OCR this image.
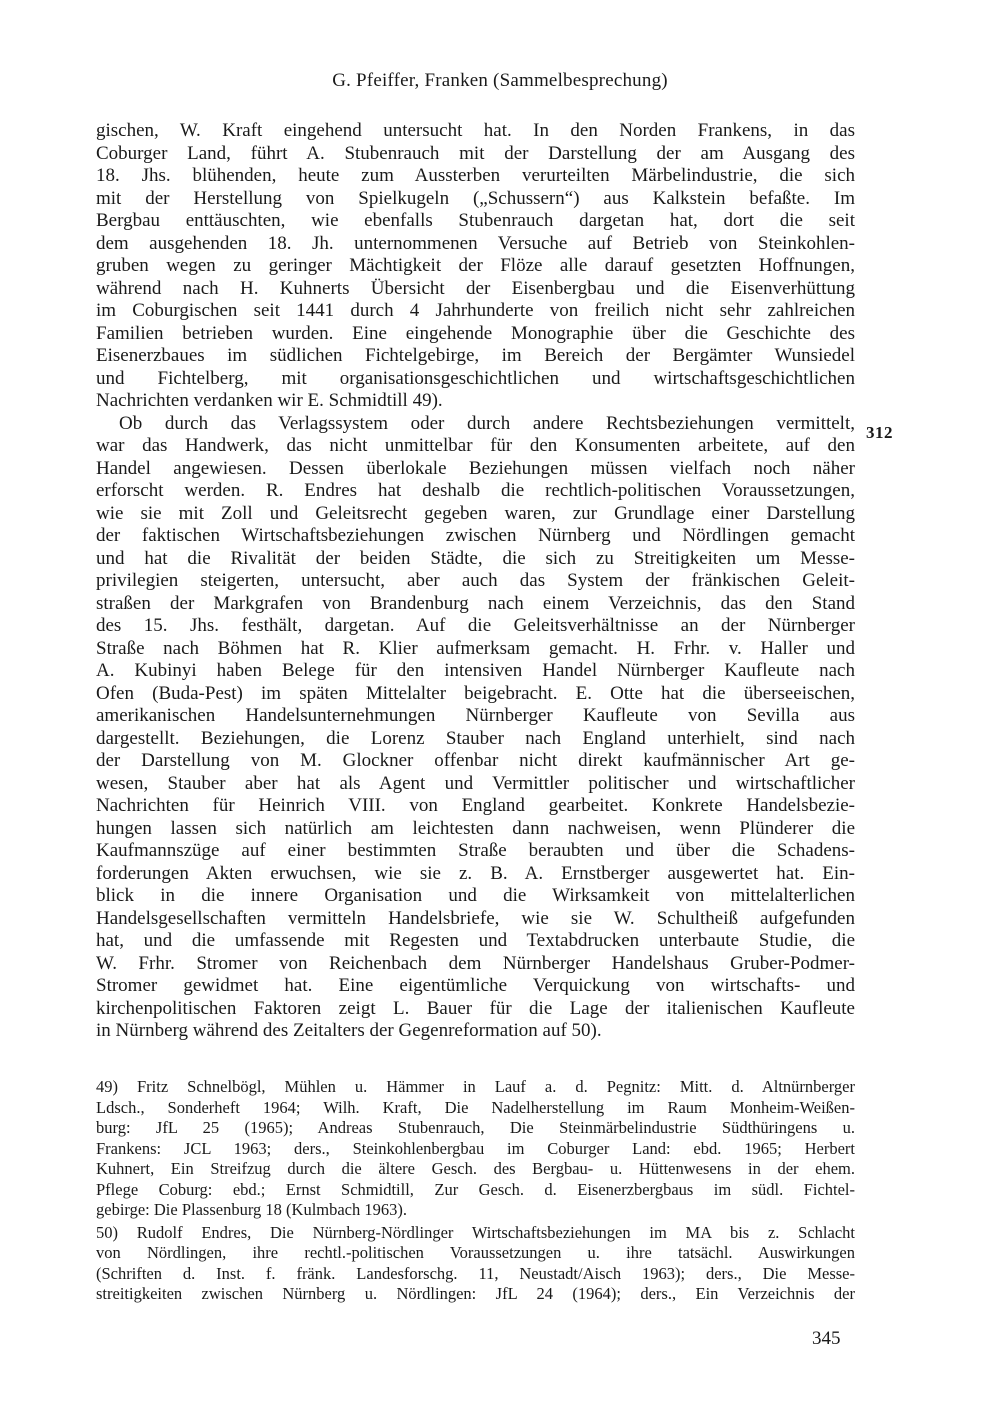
G. Pfeiffer, Franken (Sammelbesprechung)
312
gischen, W. Kraft eingehend untersucht hat. In den Norden Frankens, in das
Coburger Land, führt A. Stubenrauch mit der Darstellung der am Ausgang des
18. Jhs. blühenden, heute zum Aussterben verurteilten Märbelindustrie, die sich
mit der Herstellung von Spielkugeln („Schussern“) aus Kalkstein befaßte. Im
Bergbau enttäuschten, wie ebenfalls Stubenrauch dargetan hat, dort die seit
dem ausgehenden 18. Jh. unternommenen Versuche auf Betrieb von Steinkohlen-
gruben wegen zu geringer Mächtigkeit der Flöze alle darauf gesetzten Hoffnungen,
während nach H. Kuhnerts Übersicht der Eisenbergbau und die Eisenverhüttung
im Coburgischen seit 1441 durch 4 Jahrhunderte von freilich nicht sehr zahlreichen
Familien betrieben wurden. Eine eingehende Monographie über die Geschichte des
Eisenerzbaues im südlichen Fichtelgebirge, im Bereich der Bergämter Wunsiedel
und Fichtelberg, mit organisationsgeschichtlichen und wirtschaftsgeschichtlichen
Nachrichten verdanken wir E. Schmidtill 49).
Ob durch das Verlagssystem oder durch andere Rechtsbeziehungen vermittelt,
war das Handwerk, das nicht unmittelbar für den Konsumenten arbeitete, auf den
Handel angewiesen. Dessen überlokale Beziehungen müssen vielfach noch näher
erforscht werden. R. Endres hat deshalb die rechtlich-politischen Voraussetzungen,
wie sie mit Zoll und Geleitsrecht gegeben waren, zur Grundlage einer Darstellung
der faktischen Wirtschaftsbeziehungen zwischen Nürnberg und Nördlingen gemacht
und hat die Rivalität der beiden Städte, die sich zu Streitigkeiten um Messe-
privilegien steigerten, untersucht, aber auch das System der fränkischen Geleit-
straßen der Markgrafen von Brandenburg nach einem Verzeichnis, das den Stand
des 15. Jhs. festhält, dargetan. Auf die Geleitsverhältnisse an der Nürnberger
Straße nach Böhmen hat R. Klier aufmerksam gemacht. H. Frhr. v. Haller und
A. Kubinyi haben Belege für den intensiven Handel Nürnberger Kaufleute nach
Ofen (Buda-Pest) im späten Mittelalter beigebracht. E. Otte hat die überseeischen,
amerikanischen Handelsunternehmungen Nürnberger Kaufleute von Sevilla aus
dargestellt. Beziehungen, die Lorenz Stauber nach England unterhielt, sind nach
der Darstellung von M. Glockner offenbar nicht direkt kaufmännischer Art ge-
wesen, Stauber aber hat als Agent und Vermittler politischer und wirtschaftlicher
Nachrichten für Heinrich VIII. von England gearbeitet. Konkrete Handelsbezie-
hungen lassen sich natürlich am leichtesten dann nachweisen, wenn Plünderer die
Kaufmannszüge auf einer bestimmten Straße beraubten und über die Schadens-
forderungen Akten erwuchsen, wie sie z. B. A. Ernstberger ausgewertet hat. Ein-
blick in die innere Organisation und die Wirksamkeit von mittelalterlichen
Handelsgesellschaften vermitteln Handelsbriefe, wie sie W. Schultheiß aufgefunden
hat, und die umfassende mit Regesten und Textabdrucken unterbaute Studie, die
W. Frhr. Stromer von Reichenbach dem Nürnberger Handelshaus Gruber-Podmer-
Stromer gewidmet hat. Eine eigentümliche Verquickung von wirtschafts- und
kirchenpolitischen Faktoren zeigt L. Bauer für die Lage der italienischen Kaufleute
in Nürnberg während des Zeitalters der Gegenreformation auf 50).
49) Fritz Schnelbögl, Mühlen u. Hämmer in Lauf a. d. Pegnitz: Mitt. d. Altnürnberger
Ldsch., Sonderheft 1964; Wilh. Kraft, Die Nadelherstellung im Raum Monheim-Weißen-
burg: JfL 25 (1965); Andreas Stubenrauch, Die Steinmärbelindustrie Südthüringens u.
Frankens: JCL 1963; ders., Steinkohlenbergbau im Coburger Land: ebd. 1965; Herbert
Kuhnert, Ein Streifzug durch die ältere Gesch. des Bergbau- u. Hüttenwesens in der ehem.
Pflege Coburg: ebd.; Ernst Schmidtill, Zur Gesch. d. Eisenerzbergbaus im südl. Fichtel-
gebirge: Die Plassenburg 18 (Kulmbach 1963).
50) Rudolf Endres, Die Nürnberg-Nördlinger Wirtschaftsbeziehungen im MA bis z. Schlacht
von Nördlingen, ihre rechtl.-politischen Voraussetzungen u. ihre tatsächl. Auswirkungen
(Schriften d. Inst. f. fränk. Landesforschg. 11, Neustadt/Aisch 1963); ders., Die Messe-
streitigkeiten zwischen Nürnberg u. Nördlingen: JfL 24 (1964); ders., Ein Verzeichnis der
345
